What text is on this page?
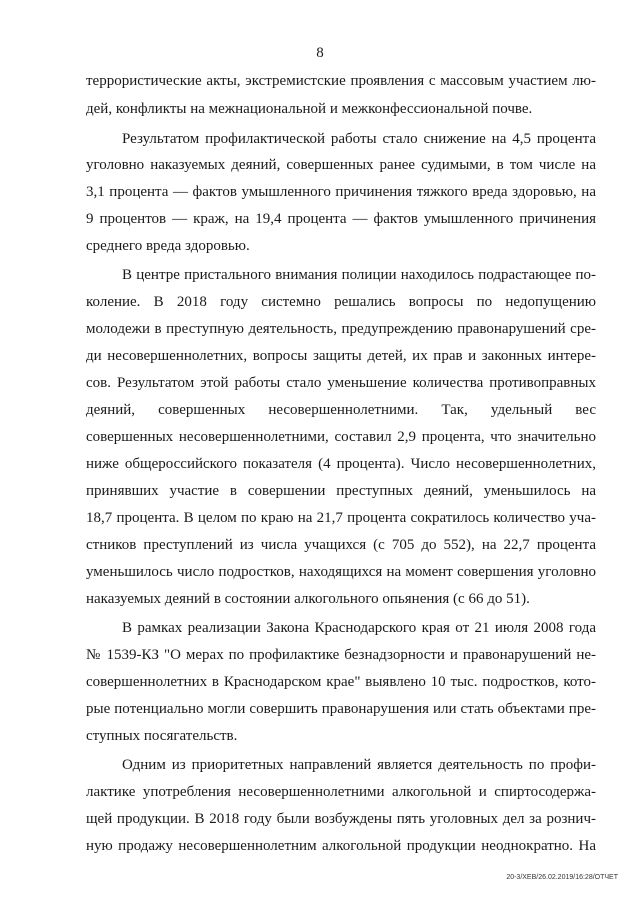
8
террористические акты, экстремистские проявления с массовым участием лю-
дей, конфликты на межнациональной и межконфессиональной почве.
Результатом профилактической работы стало снижение на 4,5 процента
уголовно наказуемых деяний, совершенных ранее судимыми, в том числе на
3,1 процента — фактов умышленного причинения тяжкого вреда здоровью, на
9 процентов — краж, на 19,4 процента — фактов умышленного причинения
среднего вреда здоровью.
В центре пристального внимания полиции находилось подрастающее по-
коление. В 2018 году системно решались вопросы по недопущению
молодежи в преступную деятельность, предупреждению правонарушений сре-
ди несовершеннолетних, вопросы защиты детей, их прав и законных интере-
сов. Результатом этой работы стало уменьшение количества противоправных
деяний, совершенных несовершеннолетними. Так, удельный вес
совершенных несовершеннолетними, составил 2,9 процента, что значительно
ниже общероссийского показателя (4 процента). Число несовершеннолетних,
принявших участие в совершении преступных деяний, уменьшилось на
18,7 процента. В целом по краю на 21,7 процента сократилось количество уча-
стников преступлений из числа учащихся (с 705 до 552), на 22,7 процента
уменьшилось число подростков, находящихся на момент совершения уголовно
наказуемых деяний в состоянии алкогольного опьянения (с 66 до 51).
В рамках реализации Закона Краснодарского края от 21 июля 2008 года
№ 1539-КЗ "О мерах по профилактике безнадзорности и правонарушений не-
совершеннолетних в Краснодарском крае" выявлено 10 тыс. подростков, кото-
рые потенциально могли совершить правонарушения или стать объектами пре-
ступных посягательств.
Одним из приоритетных направлений является деятельность по профи-
лактике употребления несовершеннолетними алкогольной и спиртосодержа-
щей продукции. В 2018 году были возбуждены пять уголовных дел за рознич-
ную продажу несовершеннолетним алкогольной продукции неоднократно. На
20-3/ХЕВ/26.02.2019/16:28/ОТЧЕТ
